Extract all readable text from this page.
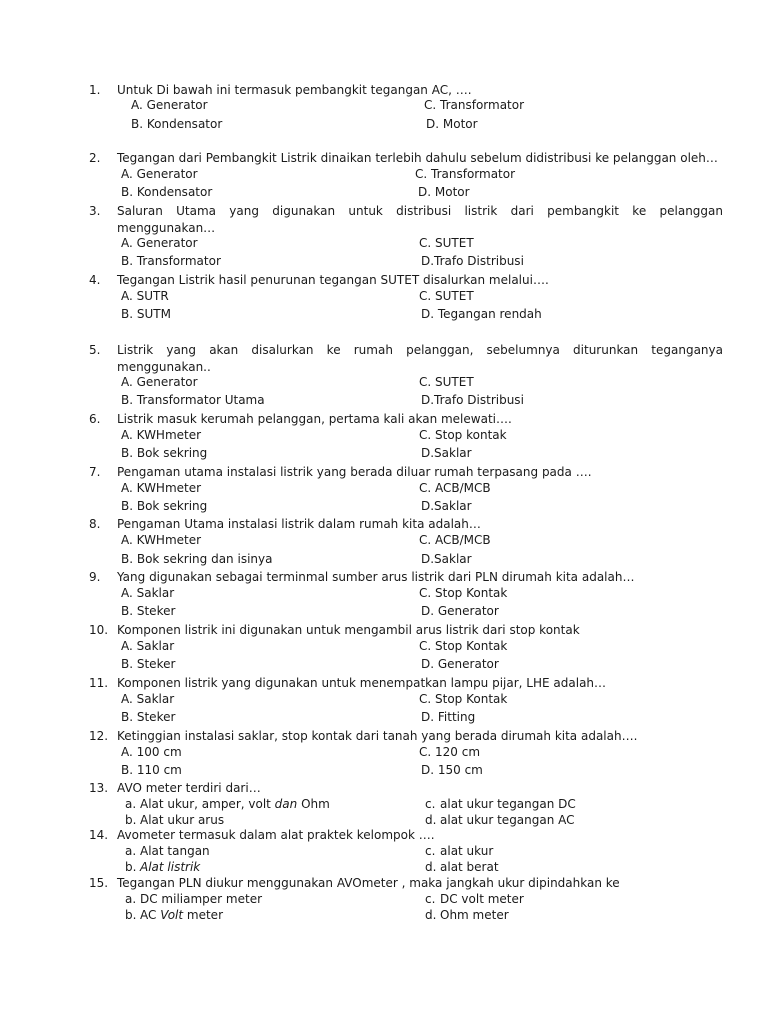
1. Untuk Di bawah ini termasuk pembangkit tegangan AC, ….
A. Generator	C. Transformator
B. Kondensator	D. Motor
2. Tegangan dari Pembangkit Listrik dinaikan terlebih dahulu sebelum didistribusi ke pelanggan oleh…
A. Generator	C. Transformator
B. Kondensator	D. Motor
3. Saluran Utama yang digunakan untuk distribusi listrik dari pembangkit ke pelanggan menggunakan…
A. Generator	C. SUTET
B. Transformator	D.Trafo Distribusi
4. Tegangan Listrik hasil penurunan tegangan SUTET disalurkan melalui….
A. SUTR	C. SUTET
B. SUTM	D. Tegangan rendah
5. Listrik yang akan disalurkan ke rumah pelanggan, sebelumnya diturunkan teganganya menggunakan..
A. Generator	C. SUTET
B. Transformator Utama	D.Trafo Distribusi
6. Listrik masuk kerumah pelanggan, pertama kali akan melewati….
A. KWHmeter	C. Stop kontak
B. Bok sekring	D.Saklar
7. Pengaman utama instalasi listrik yang berada diluar rumah terpasang pada ….
A. KWHmeter	C. ACB/MCB
B. Bok sekring	D.Saklar
8. Pengaman Utama instalasi listrik dalam rumah kita adalah…
A. KWHmeter	C. ACB/MCB
B. Bok sekring dan isinya	D.Saklar
9. Yang digunakan sebagai terminmal sumber arus listrik dari PLN dirumah kita adalah…
A. Saklar	C. Stop Kontak
B. Steker	D. Generator
10. Komponen listrik ini digunakan untuk mengambil arus listrik dari stop kontak
A. Saklar	C. Stop Kontak
B. Steker	D. Generator
11. Komponen listrik yang digunakan untuk menempatkan lampu pijar, LHE adalah…
A. Saklar	C. Stop Kontak
B. Steker	D. Fitting
12. Ketinggian instalasi saklar, stop kontak dari tanah yang berada dirumah kita adalah….
A. 100 cm	C. 120 cm
B. 110 cm	D. 150 cm
13. AVO meter terdiri dari…
a. Alat ukur, amper, volt dan Ohm	c. alat ukur tegangan DC
b. Alat ukur arus	d. alat ukur tegangan AC
14. Avometer termasuk dalam alat praktek kelompok ….
a. Alat tangan	c. alat ukur
b. Alat listrik	d. alat berat
15. Tegangan PLN diukur menggunakan AVOmeter , maka jangkah ukur dipindahkan ke
a. DC miliamper meter	c. DC volt meter
b. AC Volt meter	d. Ohm meter
